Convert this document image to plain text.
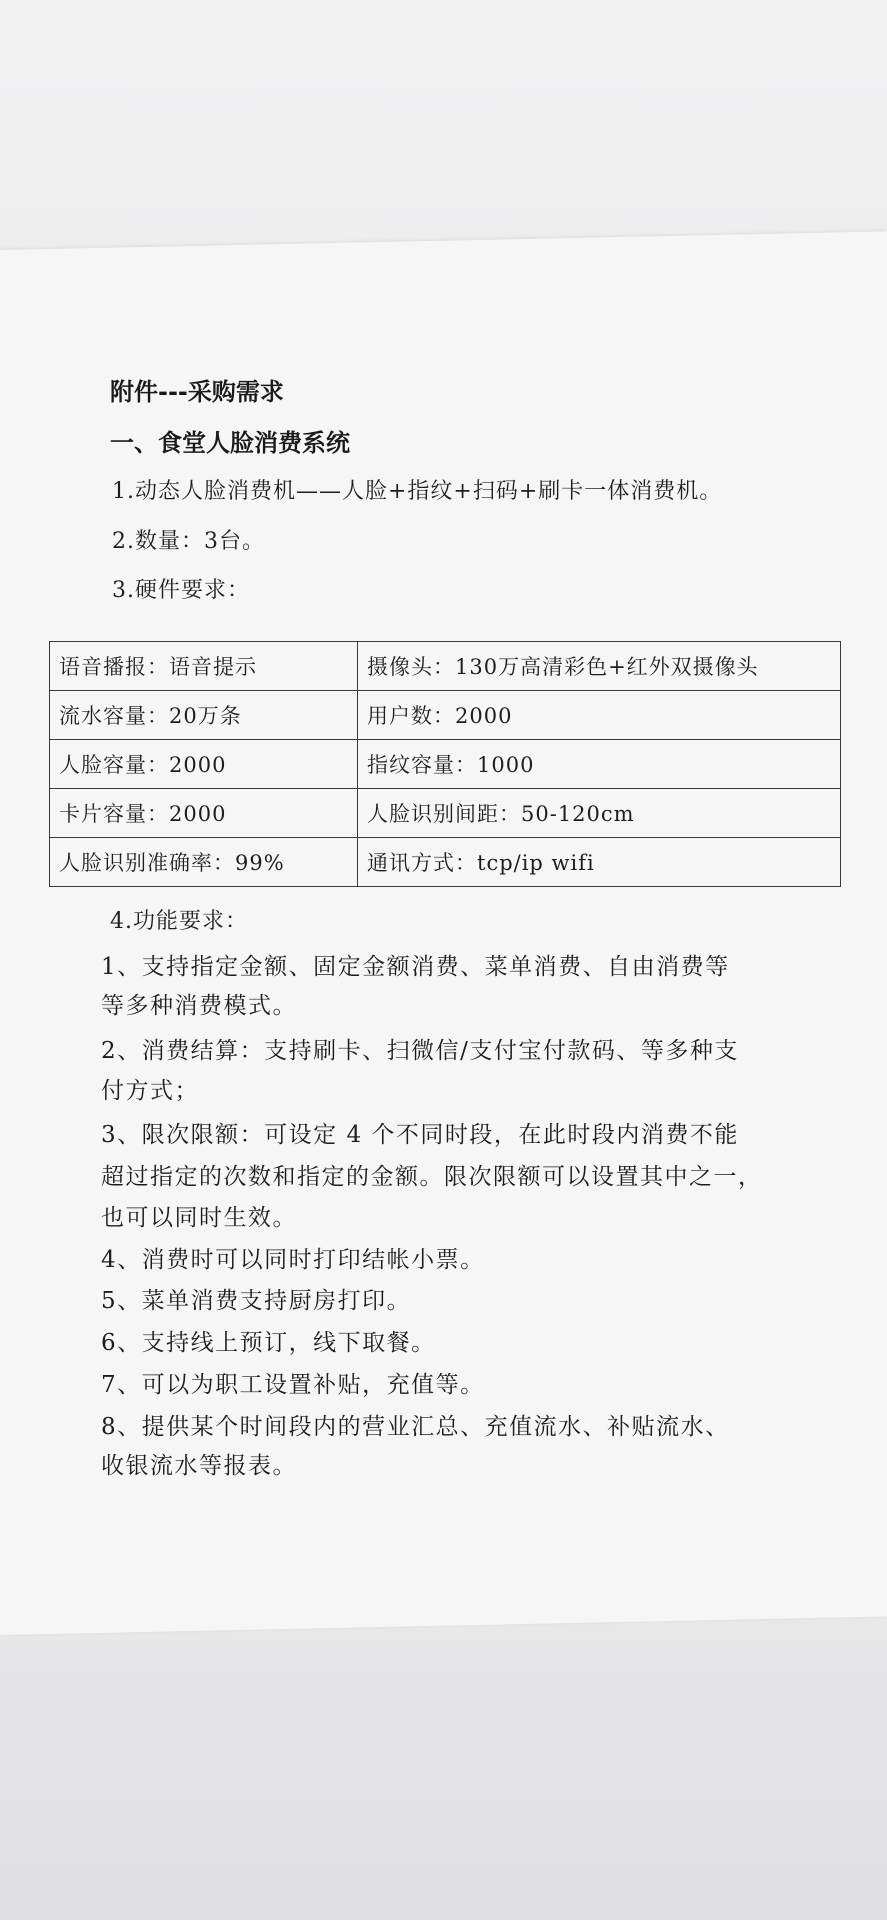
附件---采购需求
一、食堂人脸消费系统
1.动态人脸消费机——人脸+指纹+扫码+刷卡一体消费机。
2.数量：3台。
3.硬件要求：
语音播报：语音提示	摄像头：130万高清彩色+红外双摄像头
流水容量：20万条	用户数：2000
人脸容量：2000	指纹容量：1000
卡片容量：2000	人脸识别间距：50-120cm
人脸识别准确率：99%	通讯方式：tcp/ip wifi
4.功能要求：
1、支持指定金额、固定金额消费、菜单消费、自由消费等
等多种消费模式。
2、消费结算：支持刷卡、扫微信/支付宝付款码、等多种支
付方式；
3、限次限额：可设定 4 个不同时段，在此时段内消费不能
超过指定的次数和指定的金额。限次限额可以设置其中之一，
也可以同时生效。
4、消费时可以同时打印结帐小票。
5、菜单消费支持厨房打印。
6、支持线上预订，线下取餐。
7、可以为职工设置补贴，充值等。
8、提供某个时间段内的营业汇总、充值流水、补贴流水、
收银流水等报表。
